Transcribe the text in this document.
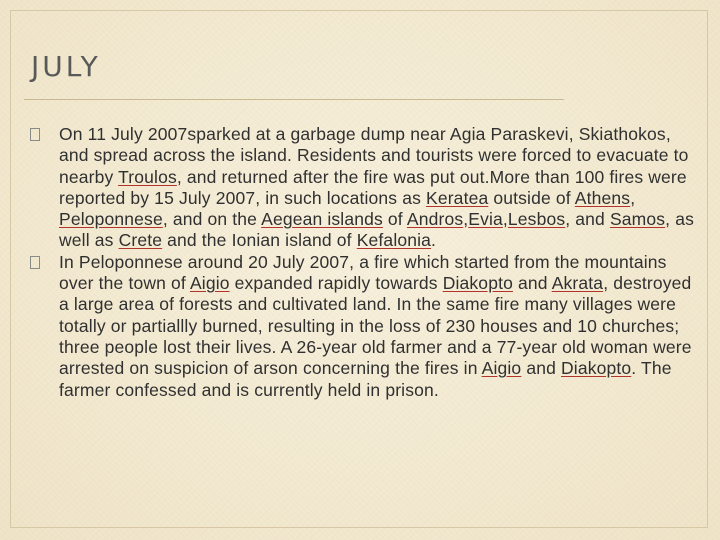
JULY
On 11 July 2007sparked at a garbage dump near Agia Paraskevi, Skiathokos, and spread across the island. Residents and tourists were forced to evacuate to nearby Troulos, and returned after the fire was put out.More than 100 fires were reported by 15 July 2007, in such locations as Keratea outside of Athens, Peloponnese, and on the Aegean islands of Andros,Evia,Lesbos, and Samos, as well as Crete and the Ionian island of Kefalonia.
In Peloponnese around 20 July 2007, a fire which started from the mountains over the town of Aigio expanded rapidly towards Diakopto and Akrata, destroyed a large area of forests and cultivated land. In the same fire many villages were totally or partiallly burned, resulting in the loss of 230 houses and 10 churches; three people lost their lives. A 26-year old farmer and a 77-year old woman were arrested on suspicion of arson concerning the fires in Aigio and Diakopto. The farmer confessed and is currently held in prison.
